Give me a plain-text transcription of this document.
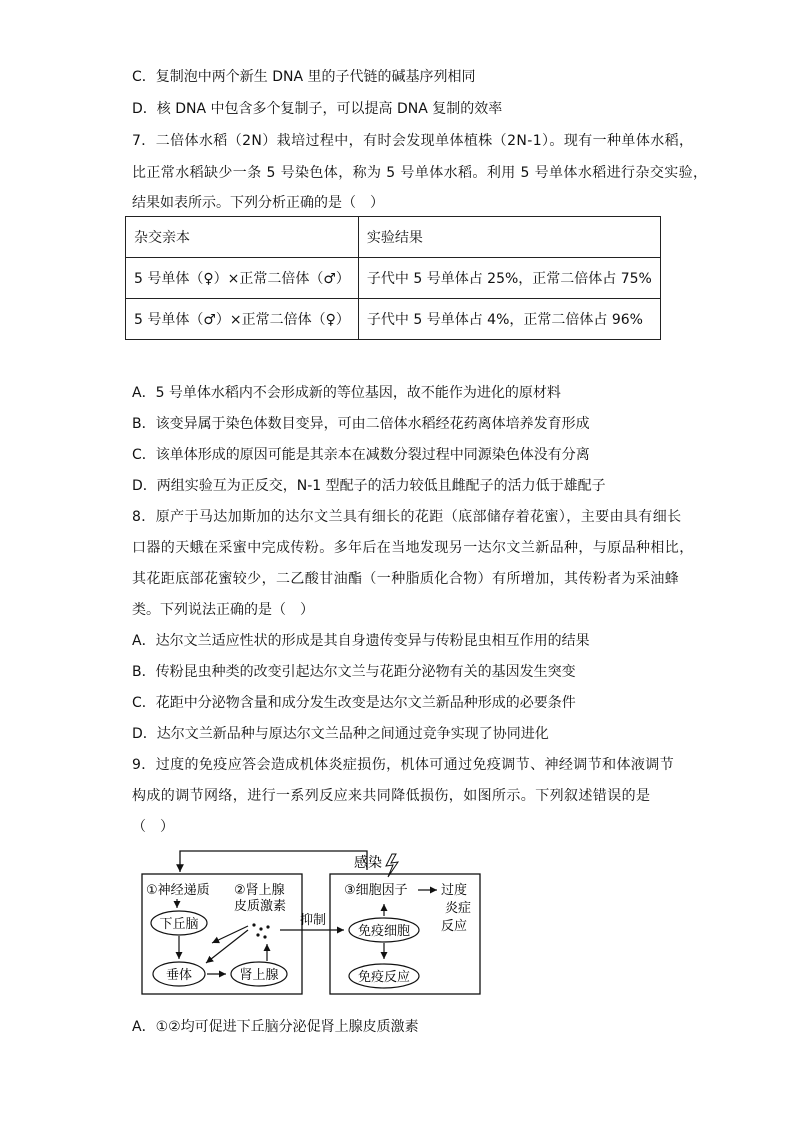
C．复制泡中两个新生 DNA 里的子代链的碱基序列相同
D．核 DNA 中包含多个复制子，可以提高 DNA 复制的效率
7．二倍体水稻（2N）栽培过程中，有时会发现单体植株（2N-1）。现有一种单体水稻，
比正常水稻缺少一条 5 号染色体，称为 5 号单体水稻。利用 5 号单体水稻进行杂交实验，
结果如表所示。下列分析正确的是（　）
杂交亲本	实验结果
5 号单体（♀）×正常二倍体（♂）	子代中 5 号单体占 25%，正常二倍体占 75%
5 号单体（♂）×正常二倍体（♀）	子代中 5 号单体占 4%，正常二倍体占 96%
A．5 号单体水稻内不会形成新的等位基因，故不能作为进化的原材料
B．该变异属于染色体数目变异，可由二倍体水稻经花药离体培养发育形成
C．该单体形成的原因可能是其亲本在减数分裂过程中同源染色体没有分离
D．两组实验互为正反交，N-1 型配子的活力较低且雌配子的活力低于雄配子
8．原产于马达加斯加的达尔文兰具有细长的花距（底部储存着花蜜），主要由具有细长
口器的天蛾在采蜜中完成传粉。多年后在当地发现另一达尔文兰新品种，与原品种相比，
其花距底部花蜜较少，二乙酸甘油酯（一种脂质化合物）有所增加，其传粉者为采油蜂
类。下列说法正确的是（　）
A．达尔文兰适应性状的形成是其自身遗传变异与传粉昆虫相互作用的结果
B．传粉昆虫种类的改变引起达尔文兰与花距分泌物有关的基因发生突变
C．花距中分泌物含量和成分发生改变是达尔文兰新品种形成的必要条件
D．达尔文兰新品种与原达尔文兰品种之间通过竞争实现了协同进化
9．过度的免疫应答会造成机体炎症损伤，机体可通过免疫调节、神经调节和体液调节
构成的调节网络，进行一系列反应来共同降低损伤，如图所示。下列叙述错误的是
（　）
感染
①神经递质 ②肾上腺
皮质激素
下丘脑
垂体	肾上腺
抑制
③细胞因子	过度
炎症
反应
免疫细胞
免疫反应
A．①②均可促进下丘脑分泌促肾上腺皮质激素
